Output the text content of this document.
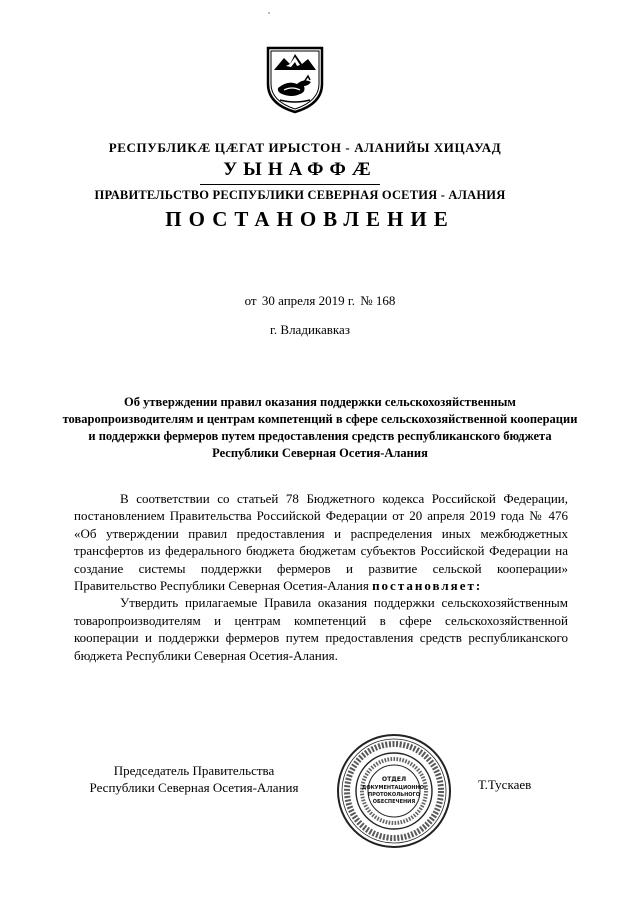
РЕСПУБЛИКӔ ЦӔГАТ ИРЫСТОН - АЛАНИЙЫ ХИЦАУАД
УЫНАФФӔ
ПРАВИТЕЛЬСТВО РЕСПУБЛИКИ СЕВЕРНАЯ ОСЕТИЯ - АЛАНИЯ
ПОСТАНОВЛЕНИЕ
от 30 апреля 2019 г. № 168
г. Владикавказ
Об утверждении правил оказания поддержки сельскохозяйственным товаропроизводителям и центрам компетенций в сфере сельскохозяйственной кооперации и поддержки фермеров путем предоставления средств республиканского бюджета Республики Северная Осетия-Алания

В соответствии со статьей 78 Бюджетного кодекса Российской Федерации, постановлением Правительства Российской Федерации от 20 апреля 2019 года № 476 «Об утверждении правил предоставления и распределения иных межбюджетных трансфертов из федерального бюджета бюджетам субъектов Российской Федерации на создание системы поддержки фермеров и развитие сельской кооперации» Правительство Республики Северная Осетия-Алания постановляет:

Утвердить прилагаемые Правила оказания поддержки сельскохозяйственным товаропроизводителям и центрам компетенций в сфере сельскохозяйственной кооперации и поддержки фермеров путем предоставления средств республиканского бюджета Республики Северная Осетия-Алания.

Председатель Правительства
Республики Северная Осетия-Алания
ОТДЕЛ
ДОКУМЕНТАЦИОННО-
ПРОТОКОЛЬНОГО
ОБЕСПЕЧЕНИЯ
Т.Тускаев
